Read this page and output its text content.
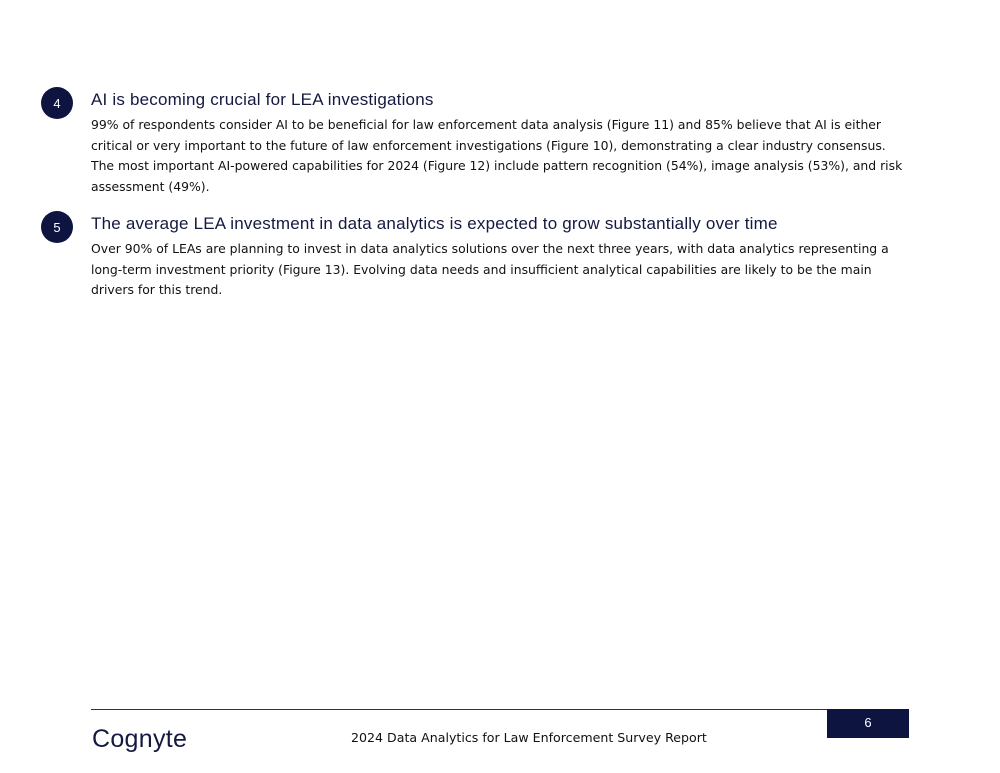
4	AI is becoming crucial for LEA investigations

99% of respondents consider AI to be beneficial for law enforcement data analysis (Figure 11) and 85% believe that AI is either critical or very important to the future of law enforcement investigations (Figure 10), demonstrating a clear industry consensus. The most important AI-powered capabilities for 2024 (Figure 12) include pattern recognition (54%), image analysis (53%), and risk assessment (49%).

5	The average LEA investment in data analytics is expected to grow substantially over time

Over 90% of LEAs are planning to invest in data analytics solutions over the next three years, with data analytics representing a long-term investment priority (Figure 13). Evolving data needs and insufficient analytical capabilities are likely to be the main drivers for this trend.

6
Cognyte	2024 Data Analytics for Law Enforcement Survey Report
